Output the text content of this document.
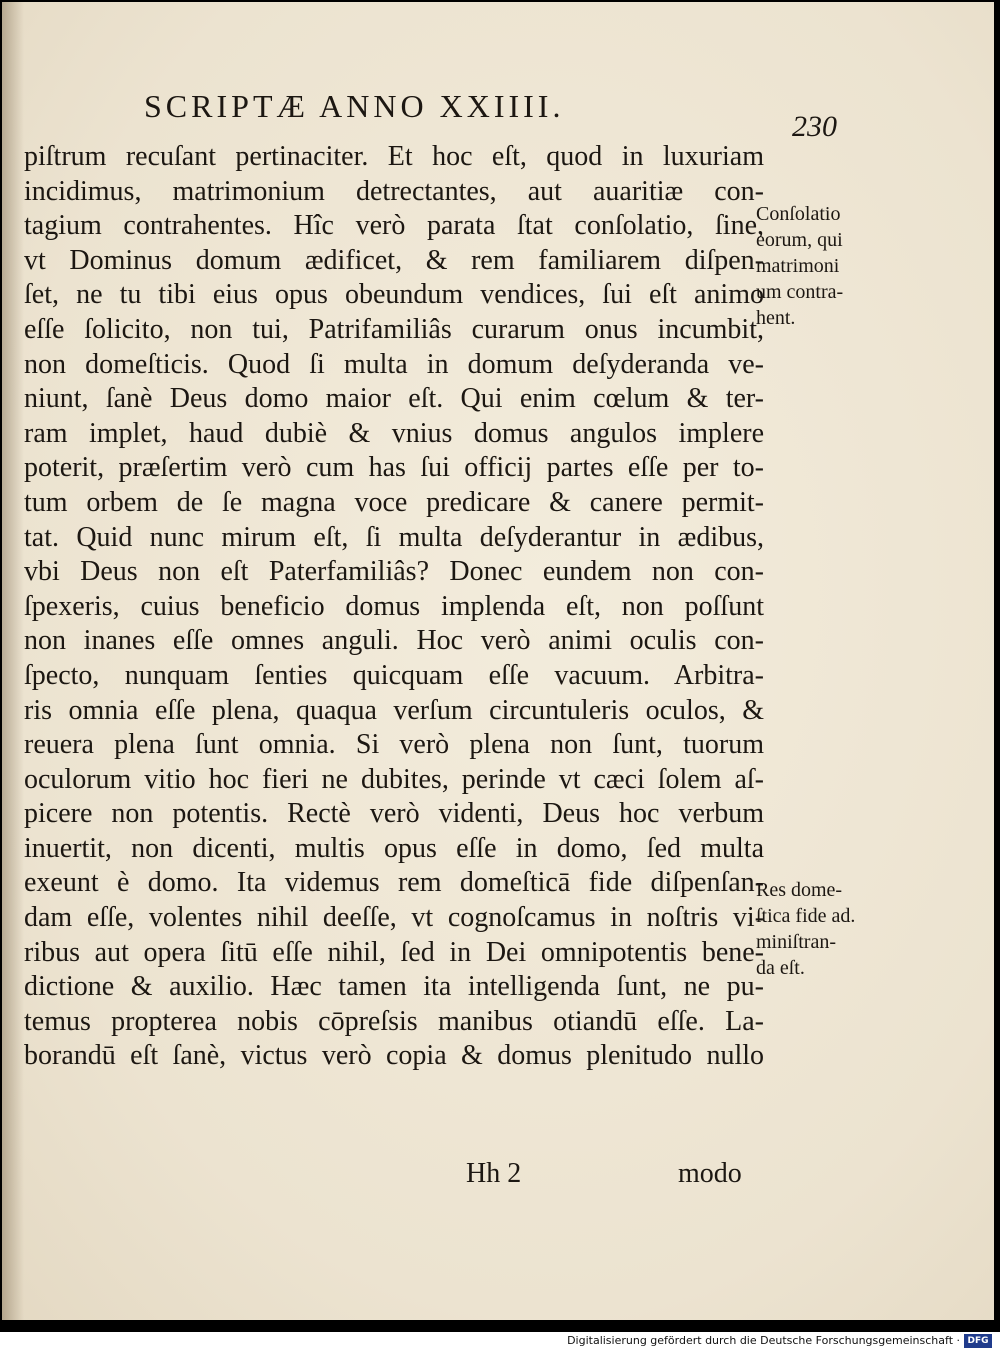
SCRIPTÆ ANNO XXIIII.
230
piſtrum recuſant pertinaciter. Et hoc eſt, quod in luxuriam
incidimus, matrimonium detrectantes, aut auaritiæ con-
tagium contrahentes. Hîc verò parata ſtat conſolatio, ſine,
vt Dominus domum ædificet, & rem familiarem diſpen-
ſet, ne tu tibi eius opus obeundum vendices, ſui eſt animo
eſſe ſolicito, non tui, Patrifamiliâs curarum onus incumbit,
non domeſticis. Quod ſi multa in domum deſyderanda ve-
niunt, ſanè Deus domo maior eſt. Qui enim cœlum & ter-
ram implet, haud dubiè & vnius domus angulos implere
poterit, præſertim verò cum has ſui officij partes eſſe per to-
tum orbem de ſe magna voce predicare & canere permit-
tat. Quid nunc mirum eſt, ſi multa deſyderantur in ædibus,
vbi Deus non eſt Paterfamiliâs? Donec eundem non con-
ſpexeris, cuius beneficio domus implenda eſt, non poſſunt
non inanes eſſe omnes anguli. Hoc verò animi oculis con-
ſpecto, nunquam ſenties quicquam eſſe vacuum. Arbitra-
ris omnia eſſe plena, quaqua verſum circuntuleris oculos, &
reuera plena ſunt omnia. Si verò plena non ſunt, tuorum
oculorum vitio hoc fieri ne dubites, perinde vt cæci ſolem aſ-
picere non potentis. Rectè verò videnti, Deus hoc verbum
inuertit, non dicenti, multis opus eſſe in domo, ſed multa
exeunt è domo. Ita videmus rem domeſticā fide diſpenſan-
dam eſſe, volentes nihil deeſſe, vt cognoſcamus in noſtris vi-
ribus aut opera ſitū eſſe nihil, ſed in Dei omnipotentis bene-
dictione & auxilio. Hæc tamen ita intelligenda ſunt, ne pu-
temus propterea nobis cōpreſsis manibus otiandū eſſe. La-
borandū eſt ſanè, victus verò copia & domus plenitudo nullo
Conſolatio
eorum, qui
matrimoni
um contra-
hent.
Res dome-
ſtica fide ad.
miniſtran-
da eſt.
Hh 2	modo
Digitalisierung gefördert durch die Deutsche Forschungsgemeinschaft · DFG
